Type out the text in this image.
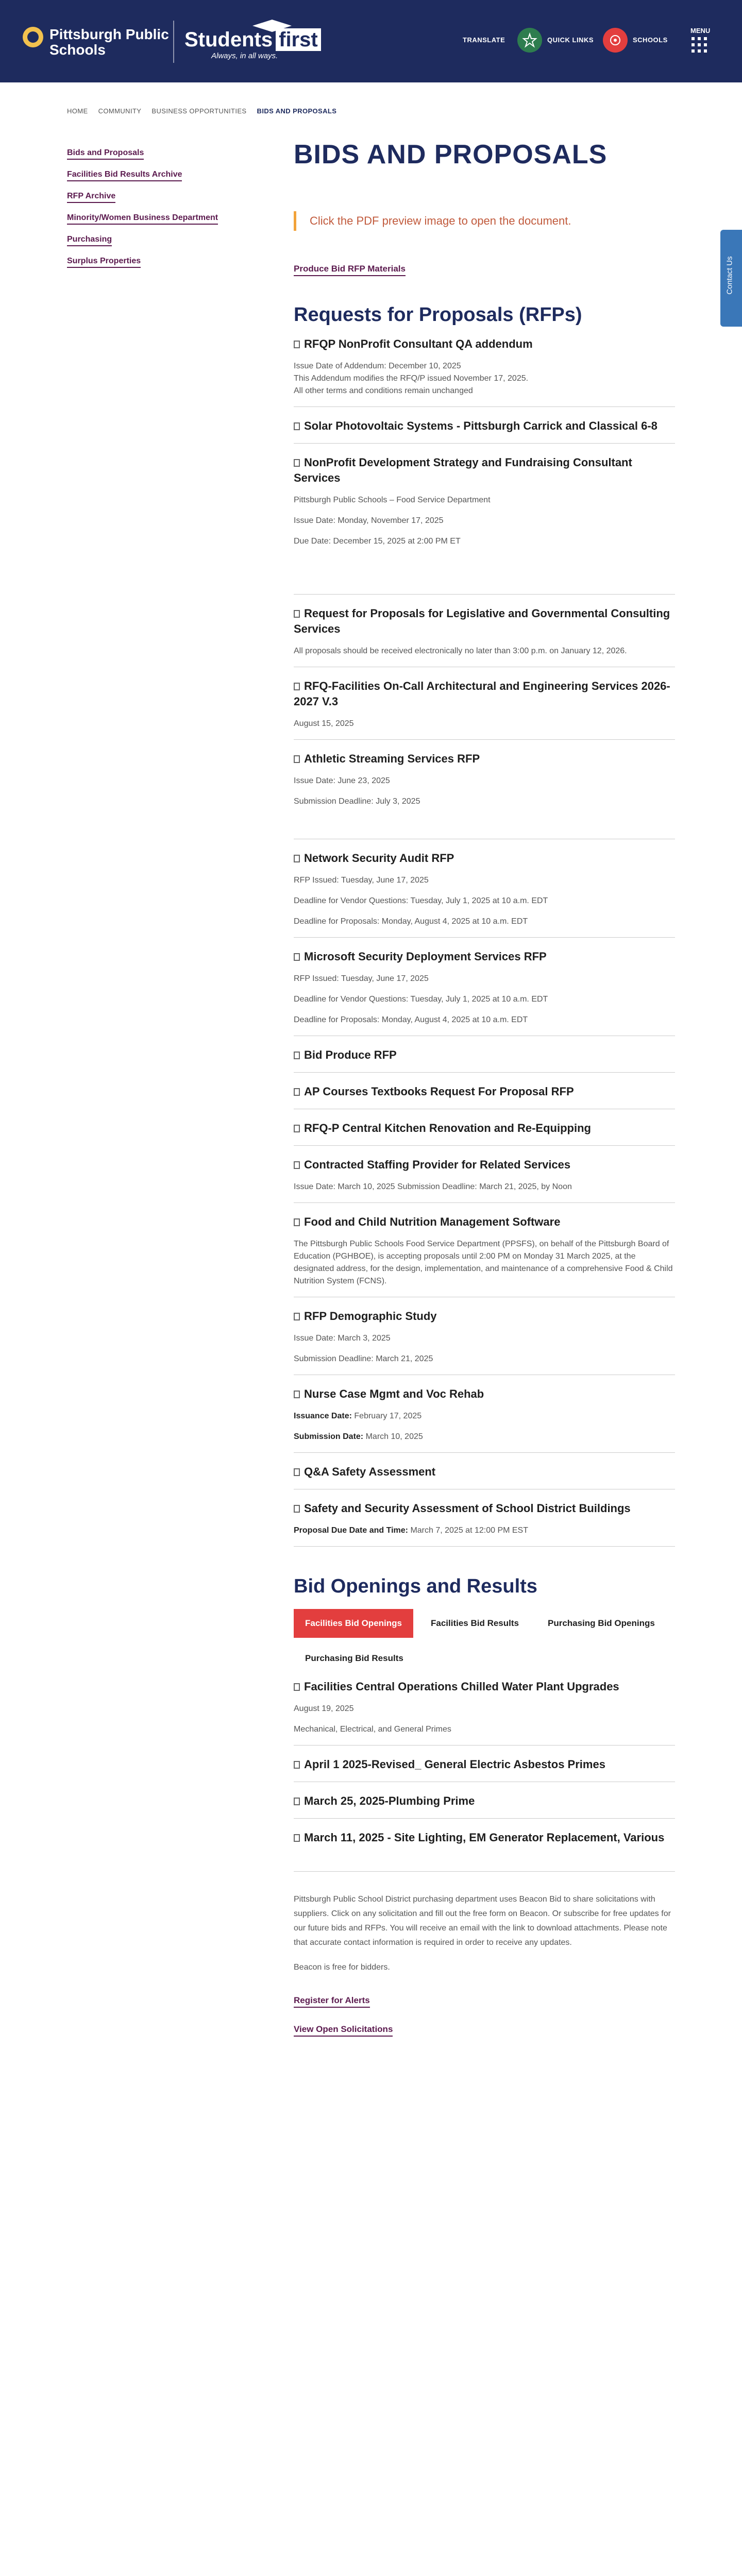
Pittsburgh Public Schools	Students first
Always, in all ways.
TRANSLATE	QUICK LINKS	SCHOOLS
MENU
HOME COMMUNITY BUSINESS OPPORTUNITIES BIDS AND PROPOSALS
Bids and Proposals
Facilities Bid Results Archive
RFP Archive
Minority/Women Business Department
Purchasing
Surplus Properties	Contact Us
BIDS AND PROPOSALS
Click the PDF preview image to open the document.
Produce Bid RFP Materials
Requests for Proposals (RFPs)
RFQP NonProfit Consultant QA addendum

Issue Date of Addendum: December 10, 2025

This Addendum modifies the RFQ/P issued November 17, 2025.

All other terms and conditions remain unchanged

Solar Photovoltaic Systems - Pittsburgh Carrick and Classical 6-8
NonProfit Development Strategy and Fundraising Consultant Services

Pittsburgh Public Schools – Food Service Department

Issue Date: Monday, November 17, 2025

Due Date: December 15, 2025 at 2:00 PM ET

Request for Proposals for Legislative and Governmental Consulting Services

All proposals should be received electronically no later than 3:00 p.m. on January 12, 2026.

RFQ-Facilities On-Call Architectural and Engineering Services 2026-2027 V.3

August 15, 2025

Athletic Streaming Services RFP

Issue Date: June 23, 2025

Submission Deadline: July 3, 2025

Network Security Audit RFP

RFP Issued: Tuesday, June 17, 2025

Deadline for Vendor Questions: Tuesday, July 1, 2025 at 10 a.m. EDT

Deadline for Proposals: Monday, August 4, 2025 at 10 a.m. EDT

Microsoft Security Deployment Services RFP

RFP Issued: Tuesday, June 17, 2025

Deadline for Vendor Questions: Tuesday, July 1, 2025 at 10 a.m. EDT

Deadline for Proposals: Monday, August 4, 2025 at 10 a.m. EDT

Bid Produce RFP
AP Courses Textbooks Request For Proposal RFP
RFQ-P Central Kitchen Renovation and Re-Equipping
Contracted Staffing Provider for Related Services

Issue Date: March 10, 2025 Submission Deadline: March 21, 2025, by Noon

Food and Child Nutrition Management Software

The Pittsburgh Public Schools Food Service Department (PPSFS), on behalf of the Pittsburgh Board of Education (PGHBOE), is accepting proposals until 2:00 PM on Monday 31 March 2025, at the designated address, for the design, implementation, and maintenance of a comprehensive Food & Child Nutrition System (FCNS).

RFP Demographic Study

Issue Date: March 3, 2025

Submission Deadline: March 21, 2025

Nurse Case Mgmt and Voc Rehab

Issuance Date: February 17, 2025

Submission Date: March 10, 2025

Q&A Safety Assessment
Safety and Security Assessment of School District Buildings

Proposal Due Date and Time: March 7, 2025 at 12:00 PM EST

Bid Openings and Results
Facilities Bid Openings	Facilities Bid Results	Purchasing Bid Openings
Purchasing Bid Results
Facilities Central Operations Chilled Water Plant Upgrades

August 19, 2025

Mechanical, Electrical, and General Primes

April 1 2025-Revised_ General Electric Asbestos Primes
March 25, 2025-Plumbing Prime
March 11, 2025 - Site Lighting, EM Generator Replacement, Various

Pittsburgh Public School District purchasing department uses Beacon Bid to share solicitations with suppliers. Click on any solicitation and fill out the free form on Beacon. Or subscribe for free updates for our future bids and RFPs. You will receive an email with the link to download attachments. Please note that accurate contact information is required in order to receive any updates.

Beacon is free for bidders.

Register for Alerts
View Open Solicitations
